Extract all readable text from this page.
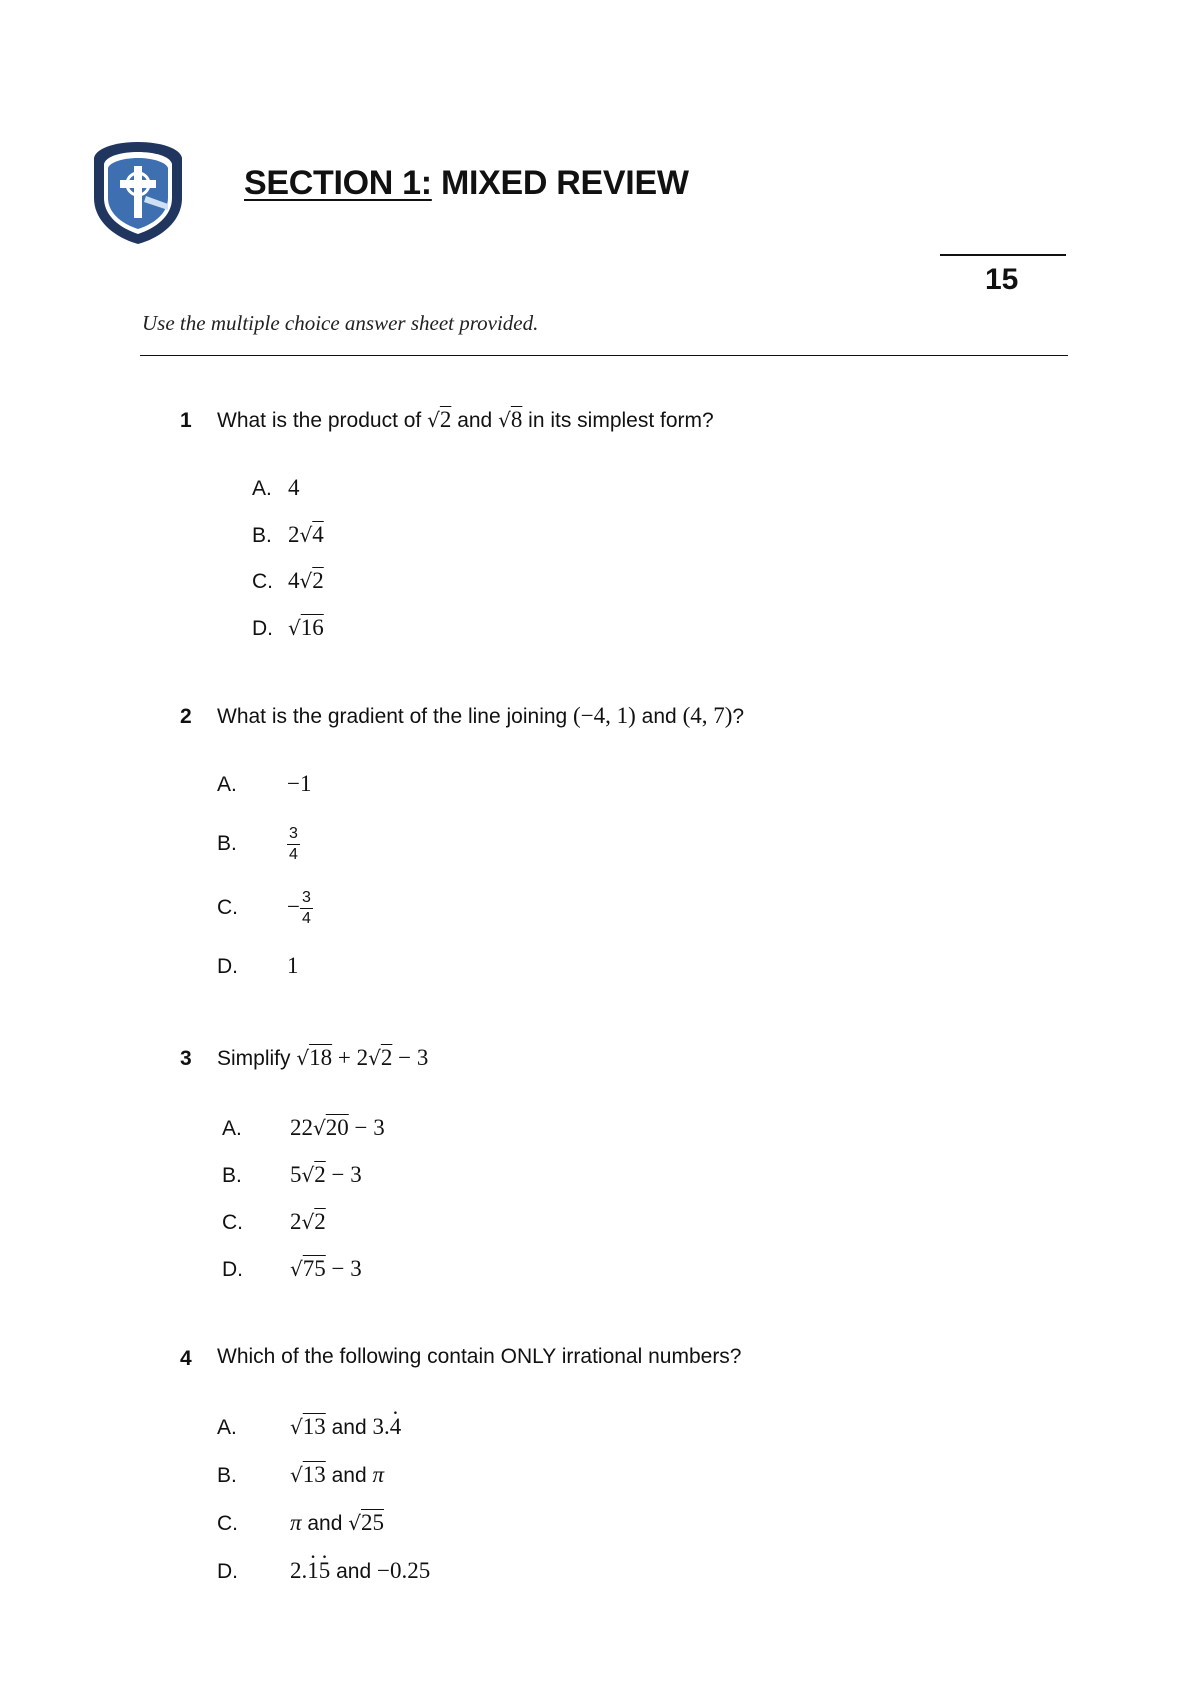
SECTION 1: MIXED REVIEW
15
Use the multiple choice answer sheet provided.
1 What is the product of √2 and √8 in its simplest form?
A. 4
B. 2√4
C. 4√2
D. √16
2 What is the gradient of the line joining (−4, 1) and (4, 7)?
A. −1
B.	$\frac{3}{4}$
C. − $\frac{3}{4}$
D. 1
3 Simplify √18 + 2√2 − 3
A. 22√20 − 3
B. 5√2 − 3
C. 2√2
D. √75 − 3
4 Which of the following contain ONLY irrational numbers?
A.	√13 and 3.· 4
B.	√13 and π
C. π and √25
D. 2.· 1· 5 and −0.25
